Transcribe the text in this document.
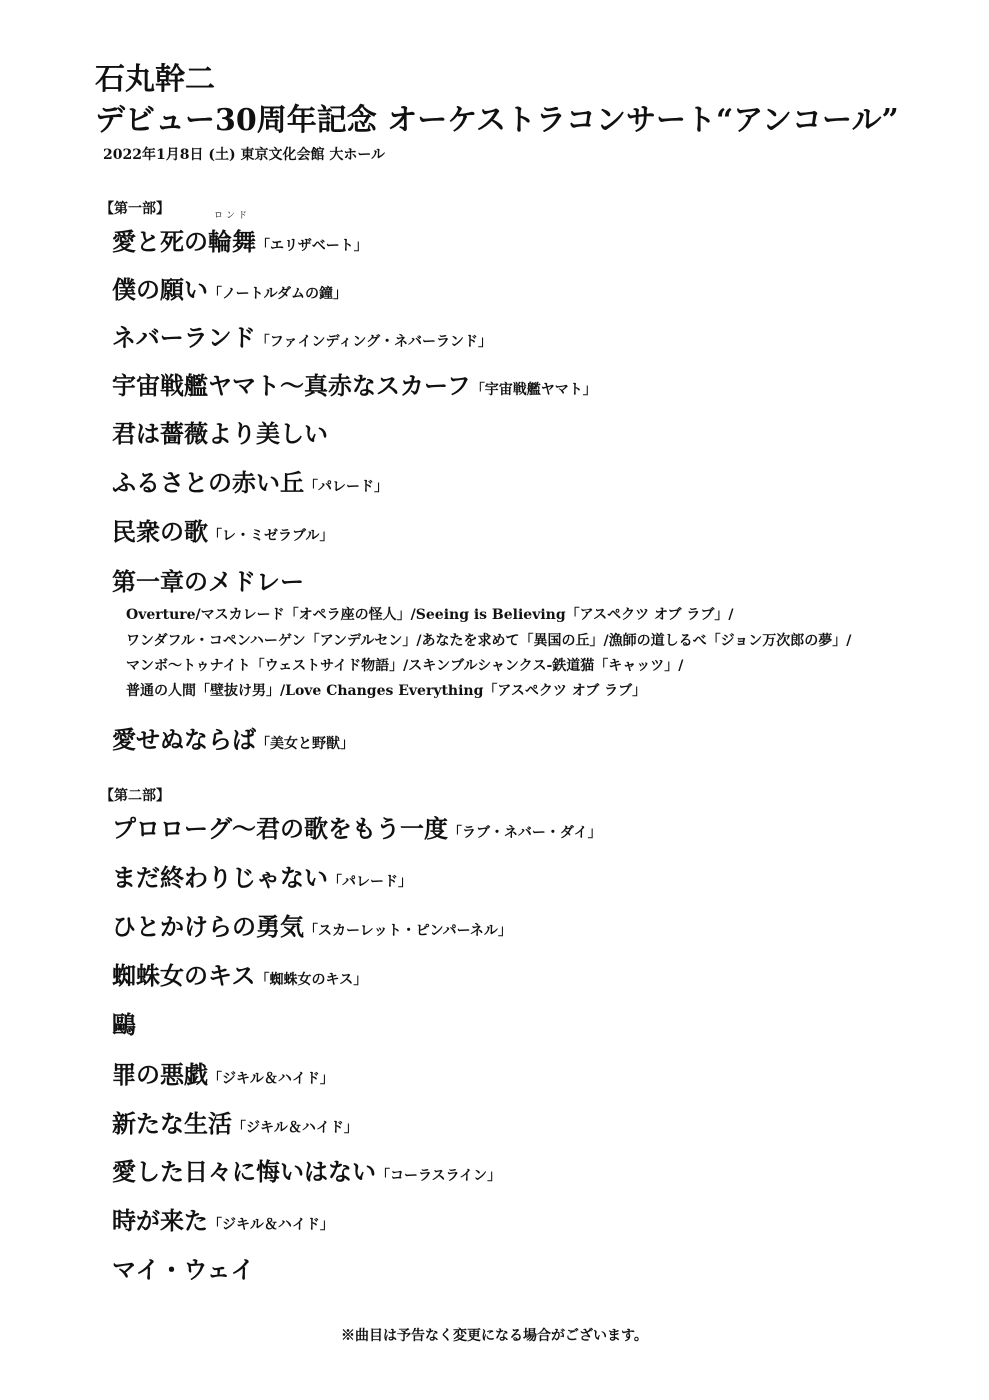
石丸幹二
デビュー30周年記念 オーケストラコンサート“アンコール”
2022年1月8日 (土) 東京文化会館 大ホール
【第一部】
愛と死の
ロンド
輪舞「エリザベート」
僕の願い「ノートルダムの鐘」
ネバーランド「ファインディング・ネバーランド」
宇宙戦艦ヤマト～真赤なスカーフ「宇宙戦艦ヤマト」
君は薔薇より美しい
ふるさとの赤い丘「パレード」
民衆の歌「レ・ミゼラブル」
第一章のメドレー
Overture/マスカレード「オペラ座の怪人」/Seeing is Believing「アスペクツ オブ ラブ」/
ワンダフル・コペンハーゲン「アンデルセン」/あなたを求めて「異国の丘」/漁師の道しるべ「ジョン万次郎の夢」/
マンボ〜トゥナイト「ウェストサイド物語」/スキンブルシャンクス-鉄道猫「キャッツ」/
普通の人間「壁抜け男」/Love Changes Everything「アスペクツ オブ ラブ」
愛せぬならば「美女と野獣」
【第二部】
プロローグ～君の歌をもう一度「ラブ・ネバー・ダイ」
まだ終わりじゃない「パレード」
ひとかけらの勇気「スカーレット・ピンパーネル」
蜘蛛女のキス「蜘蛛女のキス」
鷗
罪の悪戯「ジキル＆ハイド」
新たな生活「ジキル＆ハイド」
愛した日々に悔いはない「コーラスライン」
時が来た「ジキル＆ハイド」
マイ・ウェイ
※曲目は予告なく変更になる場合がございます。
